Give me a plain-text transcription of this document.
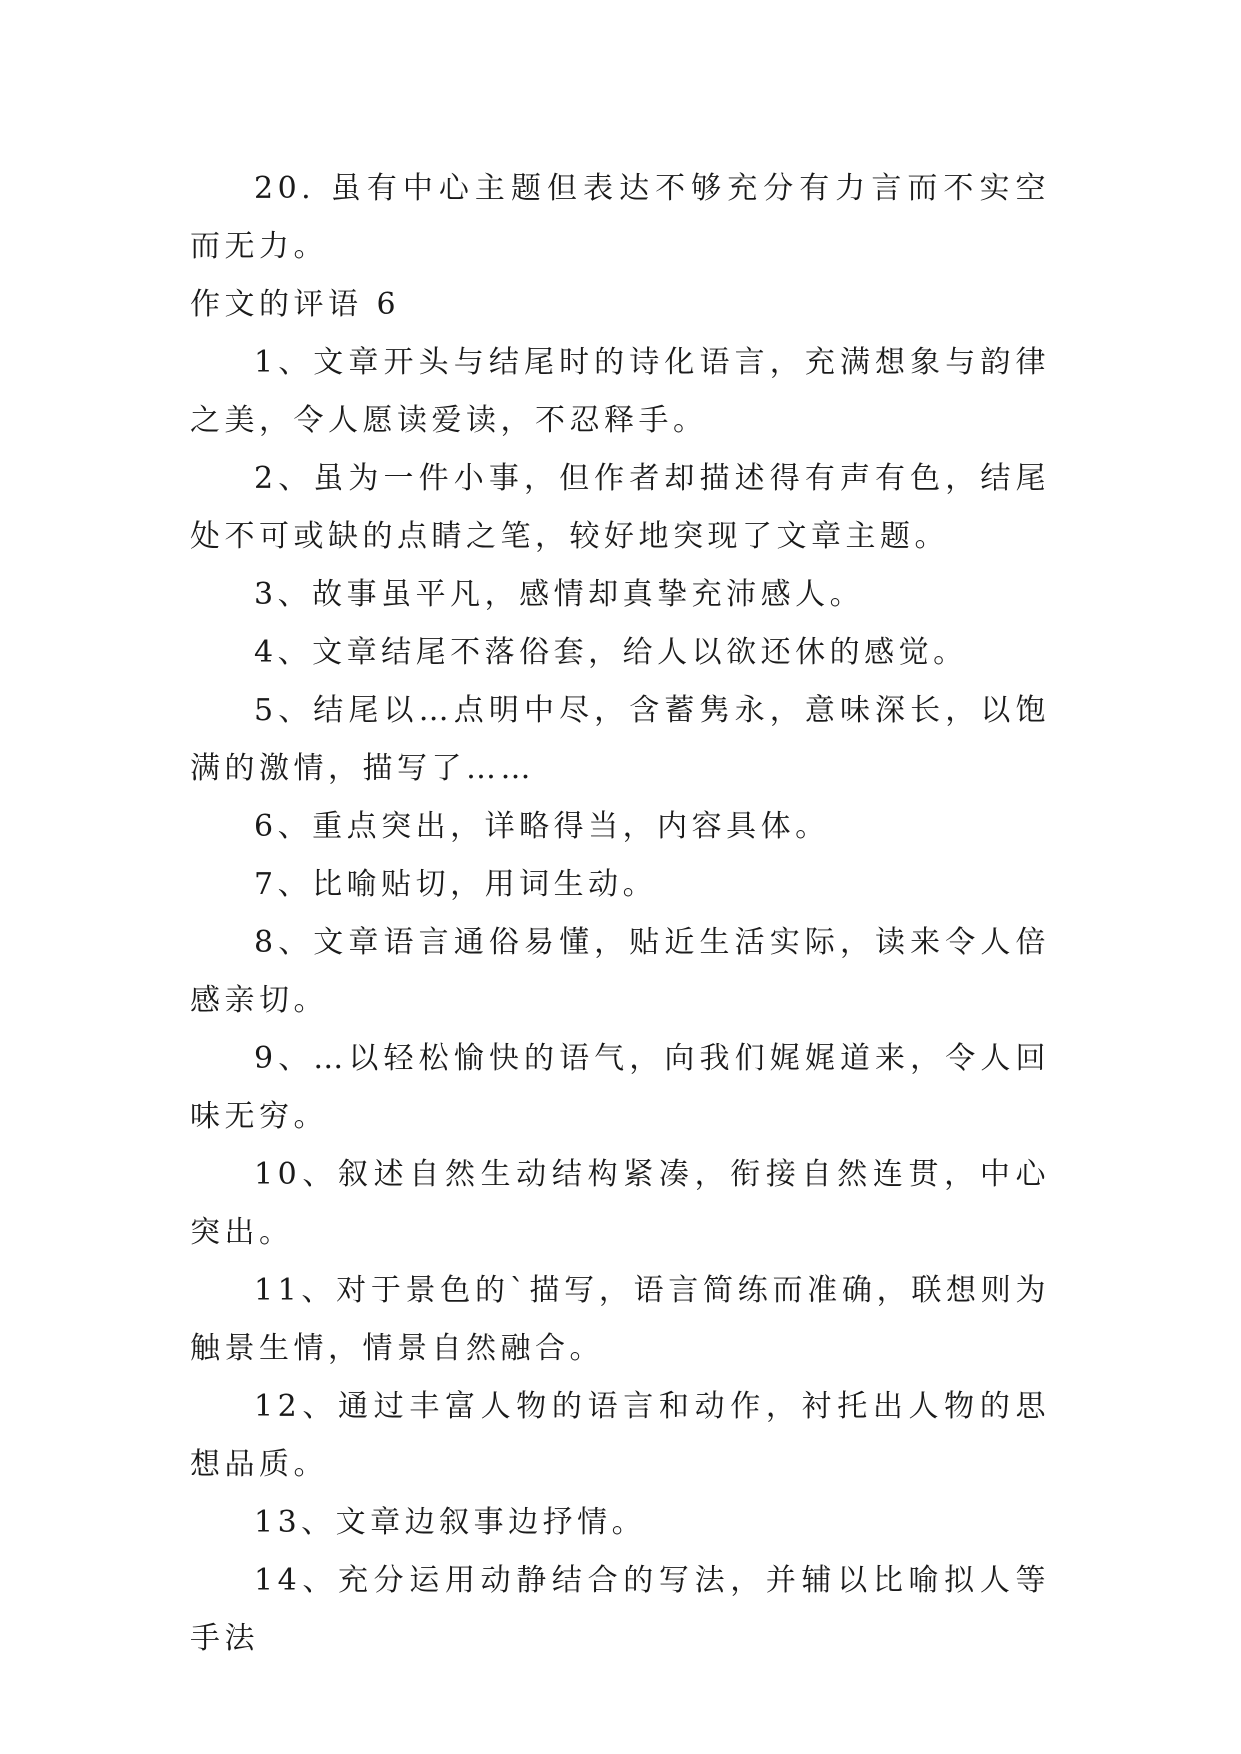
20. 虽有中心主题但表达不够充分有力言而不实空而无力。

作文的评语 6

1、文章开头与结尾时的诗化语言，充满想象与韵律之美，令人愿读爱读，不忍释手。

2、虽为一件小事，但作者却描述得有声有色，结尾处不可或缺的点睛之笔，较好地突现了文章主题。

3、故事虽平凡，感情却真挚充沛感人。

4、文章结尾不落俗套，给人以欲还休的感觉。

5、结尾以…点明中尽，含蓄隽永，意味深长，以饱满的激情，描写了……

6、重点突出，详略得当，内容具体。

7、比喻贴切，用词生动。

8、文章语言通俗易懂，贴近生活实际，读来令人倍感亲切。

9、…以轻松愉快的语气，向我们娓娓道来，令人回味无穷。

10、叙述自然生动结构紧凑，衔接自然连贯，中心突出。

11、对于景色的`描写，语言简练而准确，联想则为触景生情，情景自然融合。

12、通过丰富人物的语言和动作，衬托出人物的思想品质。

13、文章边叙事边抒情。

14、充分运用动静结合的写法，并辅以比喻拟人等手法
